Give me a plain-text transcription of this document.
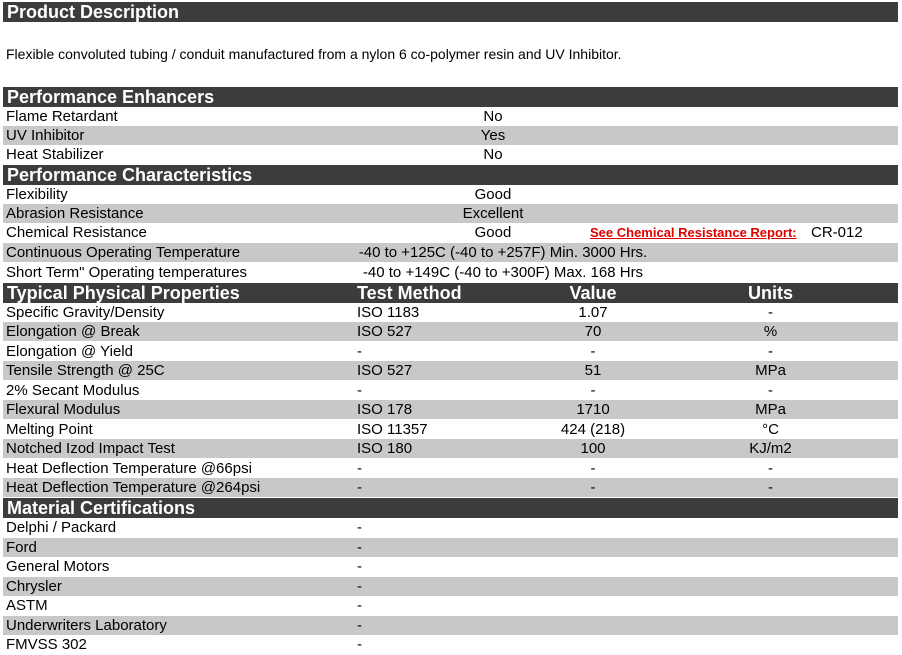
Product Description
Flexible convoluted tubing / conduit manufactured from a nylon 6 co-polymer resin and UV Inhibitor.
Performance Enhancers
Flame Retardant	No
UV Inhibitor	Yes
Heat Stabilizer	No
Performance Characteristics
Flexibility	Good
Abrasion Resistance	Excellent
Chemical Resistance	Good	See Chemical Resistance Report: CR-012
Continuous Operating Temperature	-40 to +125C (-40 to +257F) Min. 3000 Hrs.
Short Term" Operating temperatures	-40 to +149C (-40 to +300F) Max. 168 Hrs
Typical Physical Properties	Test Method	Value	Units
Specific Gravity/Density	ISO 1183	1.07	-
Elongation @ Break	ISO 527	70	%
Elongation @ Yield	-	-	-
Tensile Strength @ 25C	ISO 527	51	MPa
2% Secant Modulus	-	-	-
Flexural Modulus	ISO 178	1710	MPa
Melting Point	ISO 11357	424 (218)	°C
Notched Izod Impact Test	ISO 180	100	KJ/m2
Heat Deflection Temperature @66psi	-	-	-
Heat Deflection Temperature @264psi	-	-	-
Material Certifications
Delphi / Packard	-
Ford	-
General Motors	-
Chrysler	-
ASTM	-
Underwriters Laboratory	-
FMVSS 302	-
